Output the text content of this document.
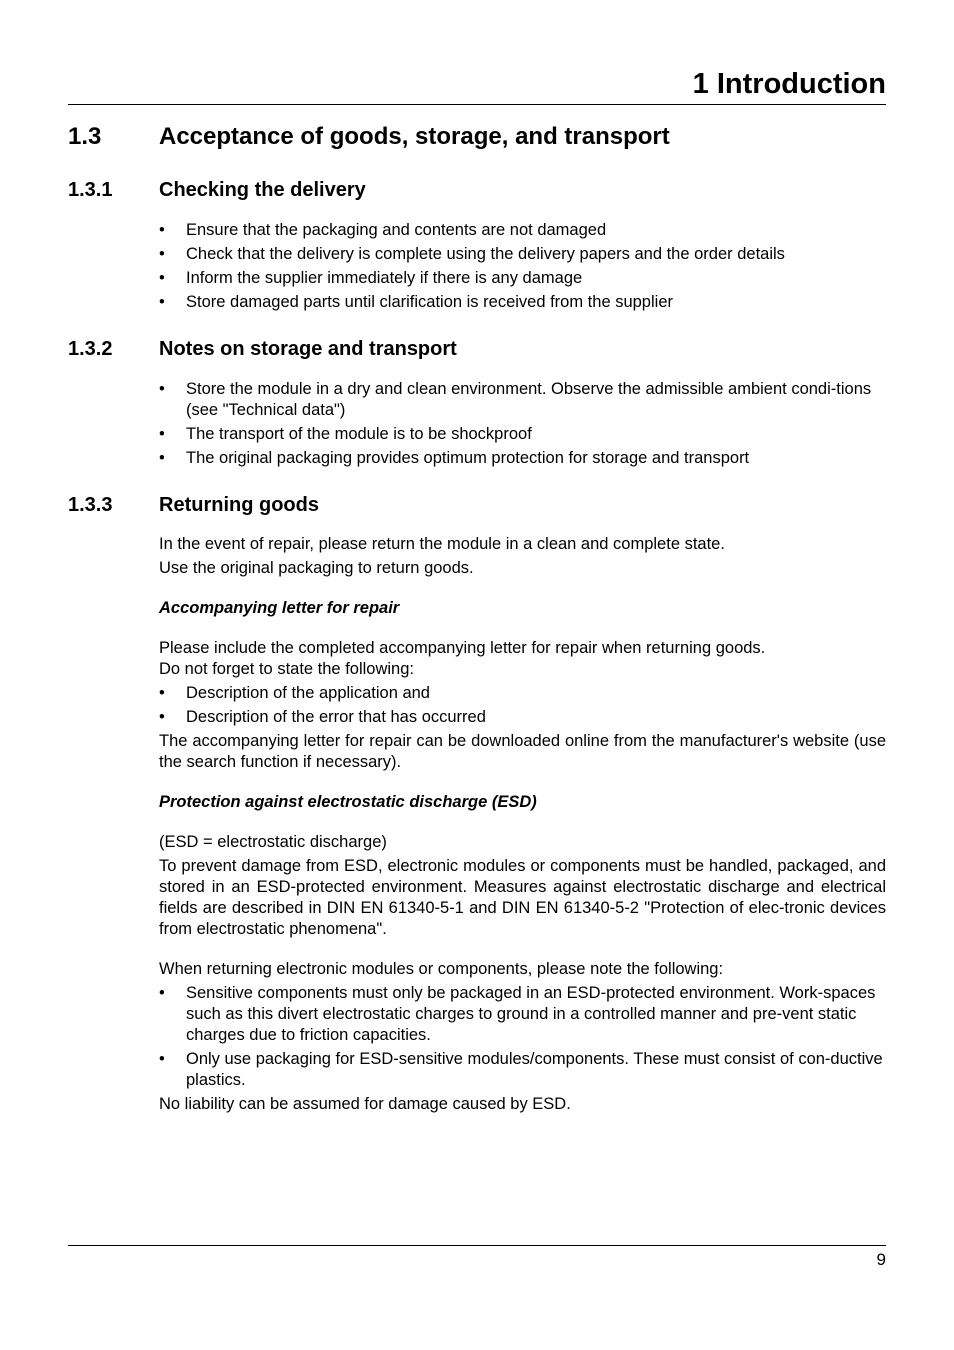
1 Introduction
1.3 Acceptance of goods, storage, and transport
1.3.1 Checking the delivery
• Ensure that the packaging and contents are not damaged
• Check that the delivery is complete using the delivery papers and the order details
• Inform the supplier immediately if there is any damage
• Store damaged parts until clarification is received from the supplier
1.3.2 Notes on storage and transport
• Store the module in a dry and clean environment. Observe the admissible ambient condi-tions (see "Technical data")
• The transport of the module is to be shockproof
• The original packaging provides optimum protection for storage and transport
1.3.3 Returning goods

In the event of repair, please return the module in a clean and complete state.

Use the original packaging to return goods.

Accompanying letter for repair

Please include the completed accompanying letter for repair when returning goods.

Do not forget to state the following:

• Description of the application and
• Description of the error that has occurred

The accompanying letter for repair can be downloaded online from the manufacturer's website (use the search function if necessary).

Protection against electrostatic discharge (ESD)

(ESD = electrostatic discharge)

To prevent damage from ESD, electronic modules or components must be handled, packaged, and stored in an ESD-protected environment. Measures against electrostatic discharge and electrical fields are described in DIN EN 61340-5-1 and DIN EN 61340-5-2 "Protection of elec-tronic devices from electrostatic phenomena".

When returning electronic modules or components, please note the following:

• Sensitive components must only be packaged in an ESD-protected environment. Work-spaces such as this divert electrostatic charges to ground in a controlled manner and pre-vent static charges due to friction capacities.
• Only use packaging for ESD-sensitive modules/components. These must consist of con-ductive plastics.

No liability can be assumed for damage caused by ESD.

9
